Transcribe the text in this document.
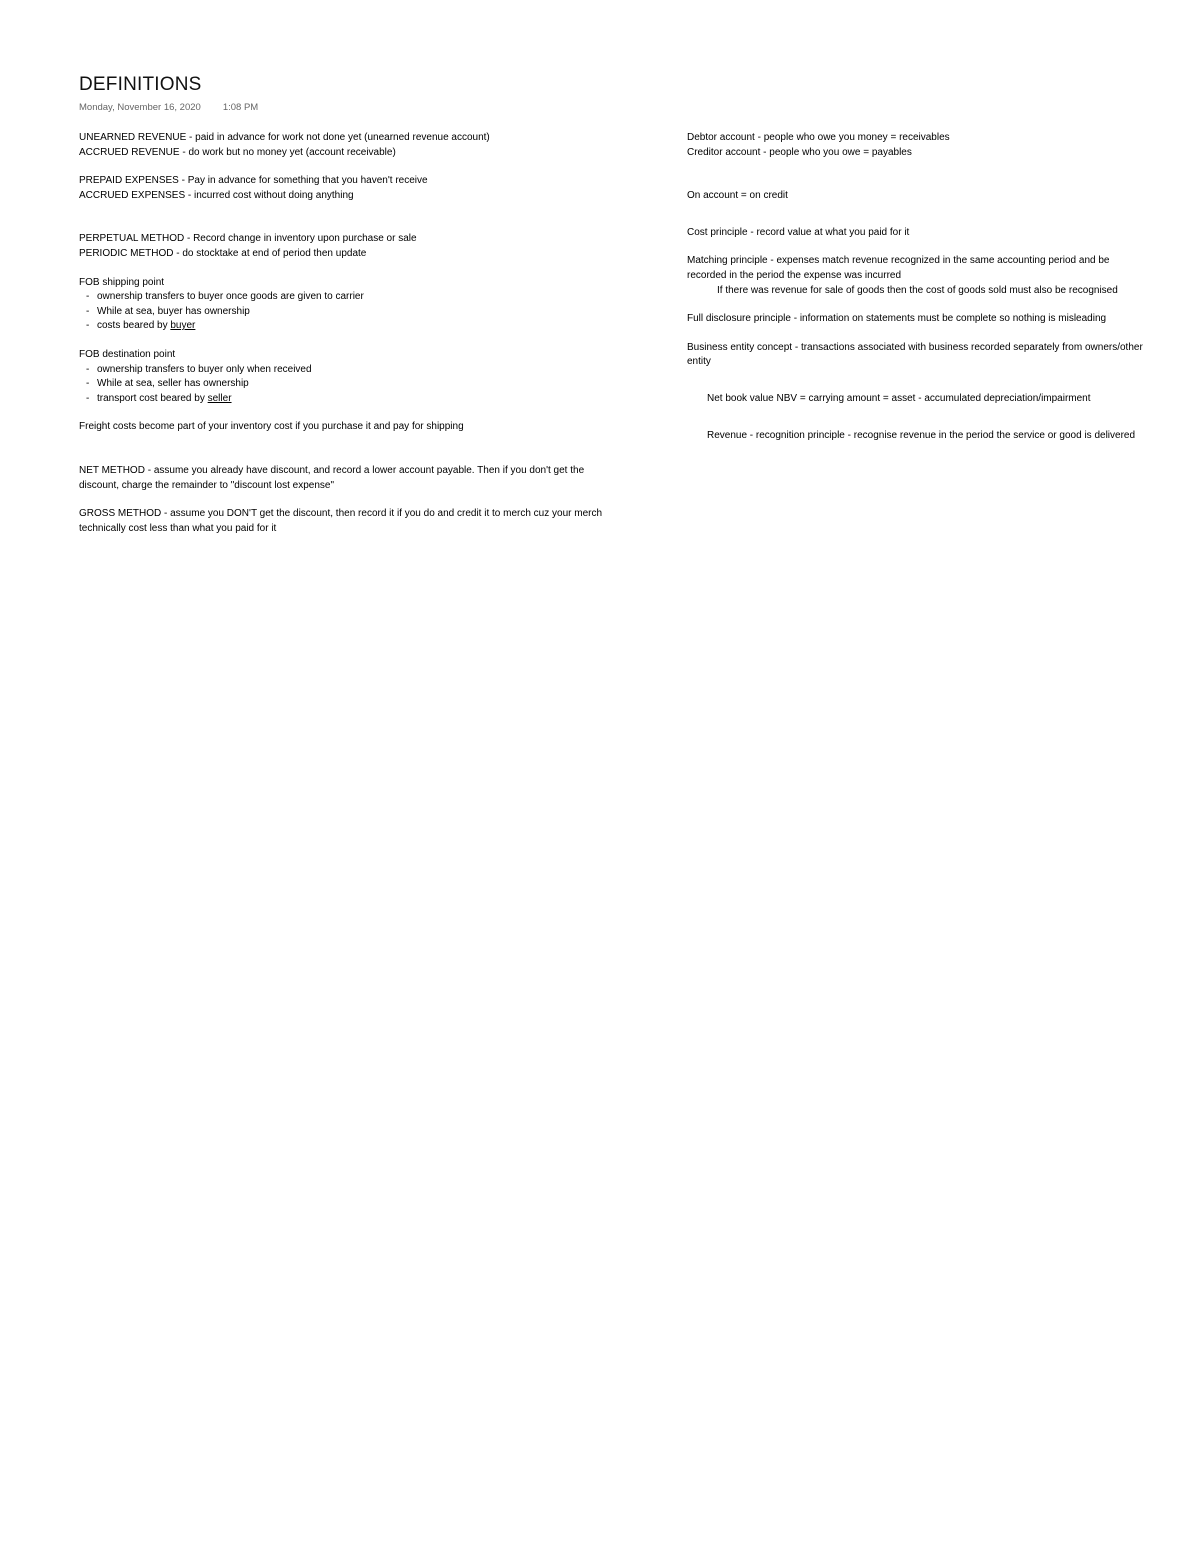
DEFINITIONS
Monday, November 16, 2020 1:08 PM
UNEARNED REVENUE - paid in advance for work not done yet (unearned revenue account)
ACCRUED REVENUE - do work but no money yet (account receivable)
PREPAID EXPENSES - Pay in advance for something that you haven't receive
ACCRUED EXPENSES - incurred cost without doing anything
PERPETUAL METHOD - Record change in inventory upon purchase or sale
PERIODIC METHOD - do stocktake at end of period then update
FOB shipping point
- ownership transfers to buyer once goods are given to carrier
- While at sea, buyer has ownership
- costs beared by buyer
FOB destination point
- ownership transfers to buyer only when received
- While at sea, seller has ownership
- transport cost beared by seller
Freight costs become part of your inventory cost if you purchase it and pay for shipping
NET METHOD - assume you already have discount, and record a lower account payable. Then if you don't get the
discount, charge the remainder to "discount lost expense"
GROSS METHOD - assume you DON'T get the discount, then record it if you do and credit it to merch cuz your merch
technically cost less than what you paid for it
Debtor account - people who owe you money = receivables
Creditor account - people who you owe = payables
On account = on credit
Cost principle - record value at what you paid for it
Matching principle - expenses match revenue recognized in the same accounting period and be
recorded in the period the expense was incurred
If there was revenue for sale of goods then the cost of goods sold must also be recognised
Full disclosure principle - information on statements must be complete so nothing is misleading
Business entity concept - transactions associated with business recorded separately from owners/other
entity
Net book value NBV = carrying amount = asset - accumulated depreciation/impairment
Revenue - recognition principle - recognise revenue in the period the service or good is delivered
